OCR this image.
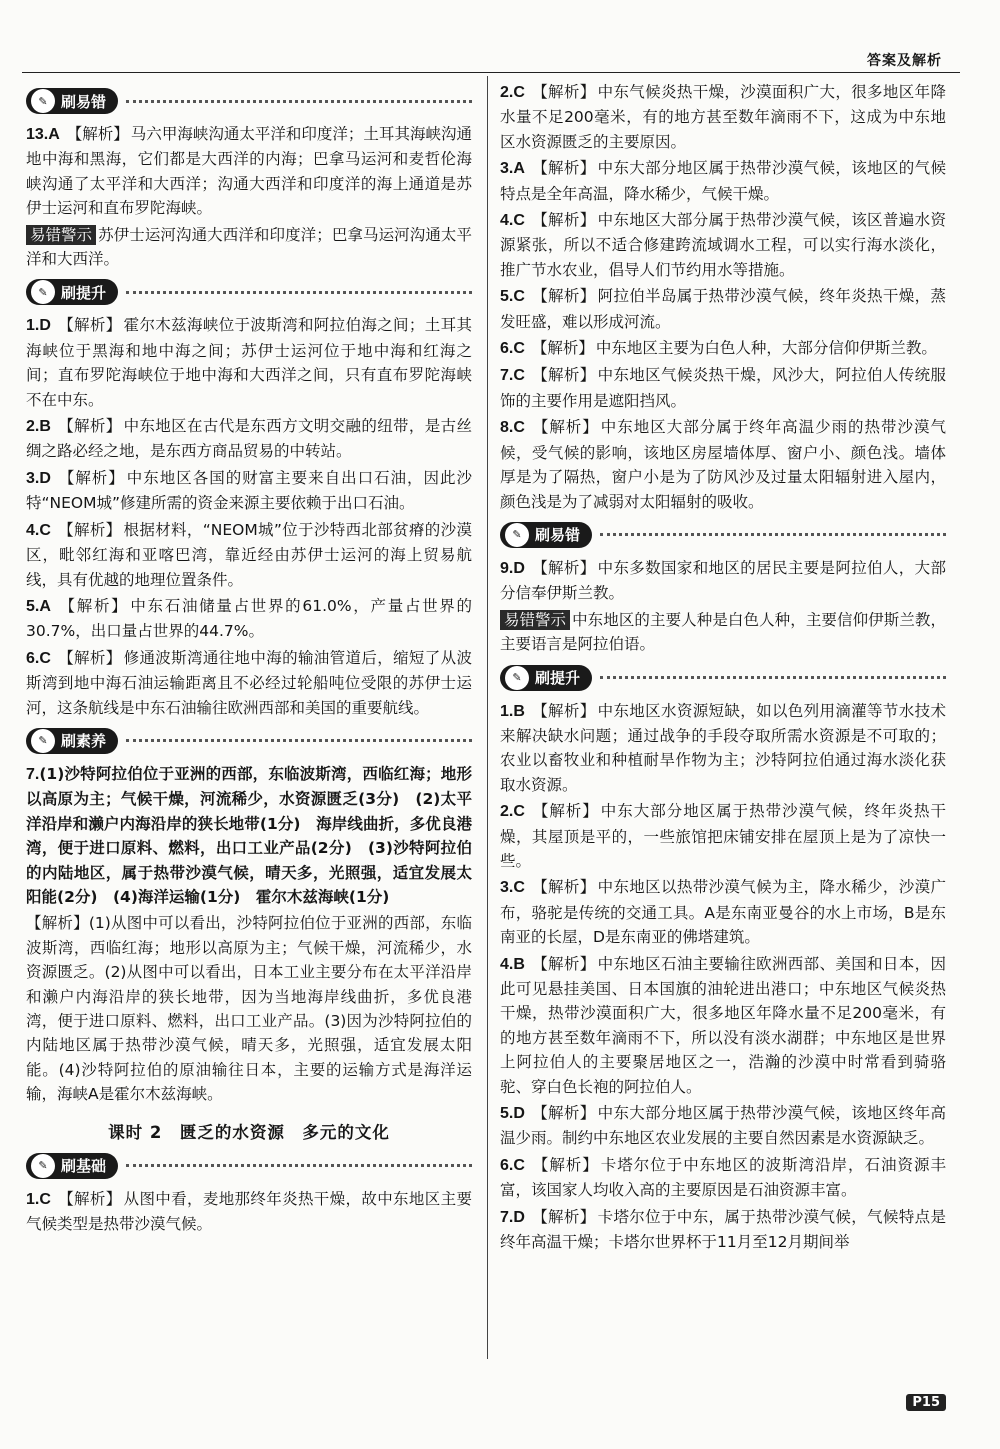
答案及解析
✎ 刷易错
13.A 【解析】 马六甲海峡沟通太平洋和印度洋；土耳其海峡沟通地中海和黑海，它们都是大西洋的内海；巴拿马运河和麦哲伦海峡沟通了太平洋和大西洋；沟通大西洋和印度洋的海上通道是苏伊士运河和直布罗陀海峡。
易错警示 苏伊士运河沟通大西洋和印度洋；巴拿马运河沟通太平洋和大西洋。
✎ 刷提升
1.D 【解析】 霍尔木兹海峡位于波斯湾和阿拉伯海之间；土耳其海峡位于黑海和地中海之间；苏伊士运河位于地中海和红海之间；直布罗陀海峡位于地中海和大西洋之间，只有直布罗陀海峡不在中东。
2.B 【解析】 中东地区在古代是东西方文明交融的纽带，是古丝绸之路必经之地，是东西方商品贸易的中转站。
3.D 【解析】 中东地区各国的财富主要来自出口石油，因此沙特“NEOM城”修建所需的资金来源主要依赖于出口石油。
4.C 【解析】 根据材料，“NEOM城”位于沙特西北部贫瘠的沙漠区，毗邻红海和亚喀巴湾，靠近经由苏伊士运河的海上贸易航线，具有优越的地理位置条件。
5.A 【解析】 中东石油储量占世界的61.0%，产量占世界的30.7%，出口量占世界的44.7%。
6.C 【解析】 修通波斯湾通往地中海的输油管道后，缩短了从波斯湾到地中海石油运输距离且不必经过轮船吨位受限的苏伊士运河，这条航线是中东石油输往欧洲西部和美国的重要航线。
✎ 刷素养
7.(1)沙特阿拉伯位于亚洲的西部，东临波斯湾，西临红海；地形以高原为主；气候干燥，河流稀少，水资源匮乏(3分)　(2)太平洋沿岸和濑户内海沿岸的狭长地带(1分)　海岸线曲折，多优良港湾，便于进口原料、燃料，出口工业产品(2分)　(3)沙特阿拉伯的内陆地区，属于热带沙漠气候，晴天多，光照强，适宜发展太阳能(2分)　(4)海洋运输(1分)　霍尔木兹海峡(1分)
【解析】(1)从图中可以看出，沙特阿拉伯位于亚洲的西部，东临波斯湾，西临红海；地形以高原为主；气候干燥，河流稀少，水资源匮乏。(2)从图中可以看出，日本工业主要分布在太平洋沿岸和濑户内海沿岸的狭长地带，因为当地海岸线曲折，多优良港湾，便于进口原料、燃料，出口工业产品。(3)因为沙特阿拉伯的内陆地区属于热带沙漠气候，晴天多，光照强，适宜发展太阳能。(4)沙特阿拉伯的原油输往日本，主要的运输方式是海洋运输，海峡A是霍尔木兹海峡。
课时 2　匮乏的水资源　多元的文化
✎ 刷基础
1.C 【解析】 从图中看，麦地那终年炎热干燥，故中东地区主要气候类型是热带沙漠气候。
2.C 【解析】 中东气候炎热干燥，沙漠面积广大，很多地区年降水量不足200毫米，有的地方甚至数年滴雨不下，这成为中东地区水资源匮乏的主要原因。
3.A 【解析】 中东大部分地区属于热带沙漠气候，该地区的气候特点是全年高温，降水稀少，气候干燥。
4.C 【解析】 中东地区大部分属于热带沙漠气候，该区普遍水资源紧张，所以不适合修建跨流域调水工程，可以实行海水淡化，推广节水农业，倡导人们节约用水等措施。
5.C 【解析】 阿拉伯半岛属于热带沙漠气候，终年炎热干燥，蒸发旺盛，难以形成河流。
6.C 【解析】 中东地区主要为白色人种，大部分信仰伊斯兰教。
7.C 【解析】 中东地区气候炎热干燥，风沙大，阿拉伯人传统服饰的主要作用是遮阳挡风。
8.C 【解析】 中东地区大部分属于终年高温少雨的热带沙漠气候，受气候的影响，该地区房屋墙体厚、窗户小、颜色浅。墙体厚是为了隔热，窗户小是为了防风沙及过量太阳辐射进入屋内，颜色浅是为了减弱对太阳辐射的吸收。
✎ 刷易错
9.D 【解析】 中东多数国家和地区的居民主要是阿拉伯人，大部分信奉伊斯兰教。
易错警示 中东地区的主要人种是白色人种，主要信仰伊斯兰教，主要语言是阿拉伯语。
✎ 刷提升
1.B 【解析】 中东地区水资源短缺，如以色列用滴灌等节水技术来解决缺水问题；通过战争的手段夺取所需水资源是不可取的；农业以畜牧业和种植耐旱作物为主；沙特阿拉伯通过海水淡化获取水资源。
2.C 【解析】 中东大部分地区属于热带沙漠气候，终年炎热干燥，其屋顶是平的，一些旅馆把床铺安排在屋顶上是为了凉快一些。
3.C 【解析】 中东地区以热带沙漠气候为主，降水稀少，沙漠广布，骆驼是传统的交通工具。A是东南亚曼谷的水上市场，B是东南亚的长屋，D是东南亚的佛塔建筑。
4.B 【解析】 中东地区石油主要输往欧洲西部、美国和日本，因此可见悬挂美国、日本国旗的油轮进出港口；中东地区气候炎热干燥，热带沙漠面积广大，很多地区年降水量不足200毫米，有的地方甚至数年滴雨不下，所以没有淡水湖群；中东地区是世界上阿拉伯人的主要聚居地区之一，浩瀚的沙漠中时常看到骑骆驼、穿白色长袍的阿拉伯人。
5.D 【解析】 中东大部分地区属于热带沙漠气候，该地区终年高温少雨。制约中东地区农业发展的主要自然因素是水资源缺乏。
6.C 【解析】 卡塔尔位于中东地区的波斯湾沿岸，石油资源丰富，该国家人均收入高的主要原因是石油资源丰富。
7.D 【解析】 卡塔尔位于中东，属于热带沙漠气候，气候特点是终年高温干燥；卡塔尔世界杯于11月至12月期间举
P15
